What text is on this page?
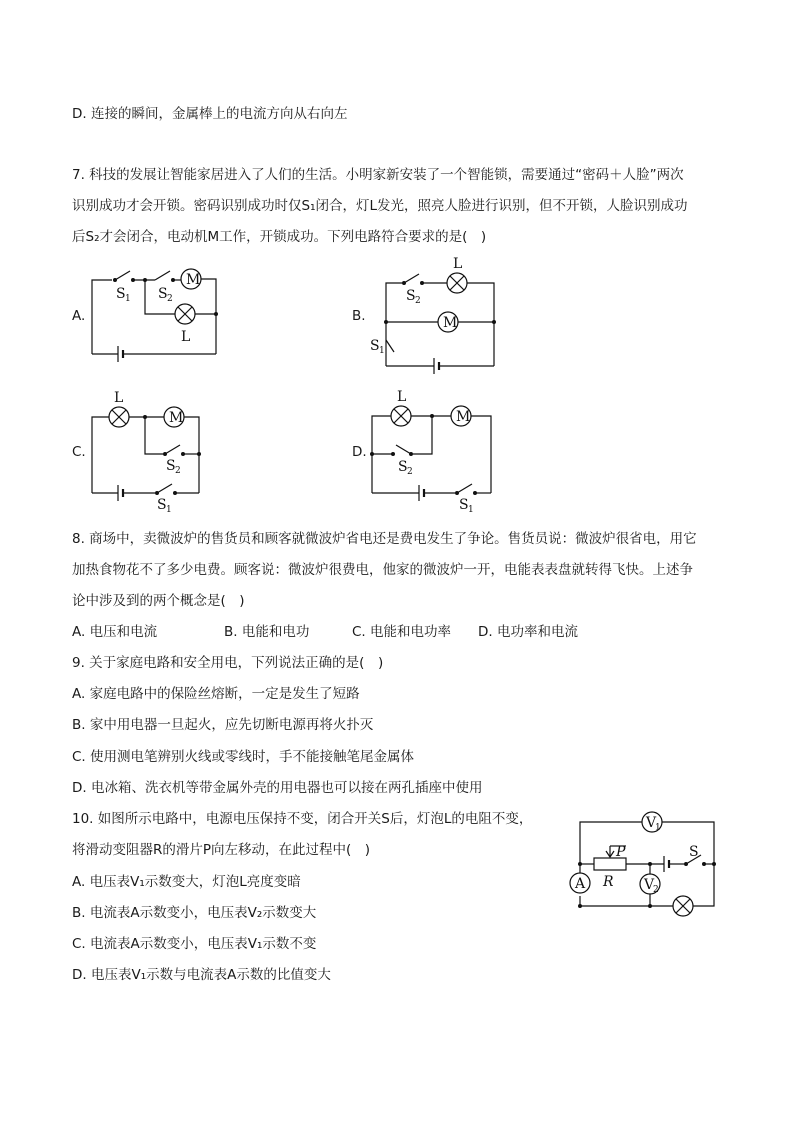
D. 连接的瞬间，金属棒上的电流方向从右向左
7. 科技的发展让智能家居进入了人们的生活。小明家新安装了一个智能锁，需要通过“密码＋人脸”两次
识别成功才会开锁。密码识别成功时仅S₁闭合，灯L发光，照亮人脸进行识别，但不开锁，人脸识别成功
后S₂才会闭合，电动机M工作，开锁成功。下列电路符合要求的是(　)
A.	B.
C.	D.
M
S 1 S 2
L
L
S 2
M
S 1
L
M
S 2
S 1
L
M
S 2
S 1
V
1
A	V
2
P
R
S
8. 商场中，卖微波炉的售货员和顾客就微波炉省电还是费电发生了争论。售货员说：微波炉很省电，用它
加热食物花不了多少电费。顾客说：微波炉很费电，他家的微波炉一开，电能表表盘就转得飞快。上述争
论中涉及到的两个概念是(　)
A. 电压和电流	B. 电能和电功	C. 电能和电功率 D. 电功率和电流
9. 关于家庭电路和安全用电，下列说法正确的是(　)
A. 家庭电路中的保险丝熔断，一定是发生了短路
B. 家中用电器一旦起火，应先切断电源再将火扑灭
C. 使用测电笔辨别火线或零线时，手不能接触笔尾金属体
D. 电冰箱、洗衣机等带金属外壳的用电器也可以接在两孔插座中使用
10. 如图所示电路中，电源电压保持不变，闭合开关S后，灯泡L的电阻不变，
将滑动变阻器R的滑片P向左移动，在此过程中(　)
A. 电压表V₁示数变大，灯泡L亮度变暗
B. 电流表A示数变小，电压表V₂示数变大
C. 电流表A示数变小，电压表V₁示数不变
D. 电压表V₁示数与电流表A示数的比值变大
